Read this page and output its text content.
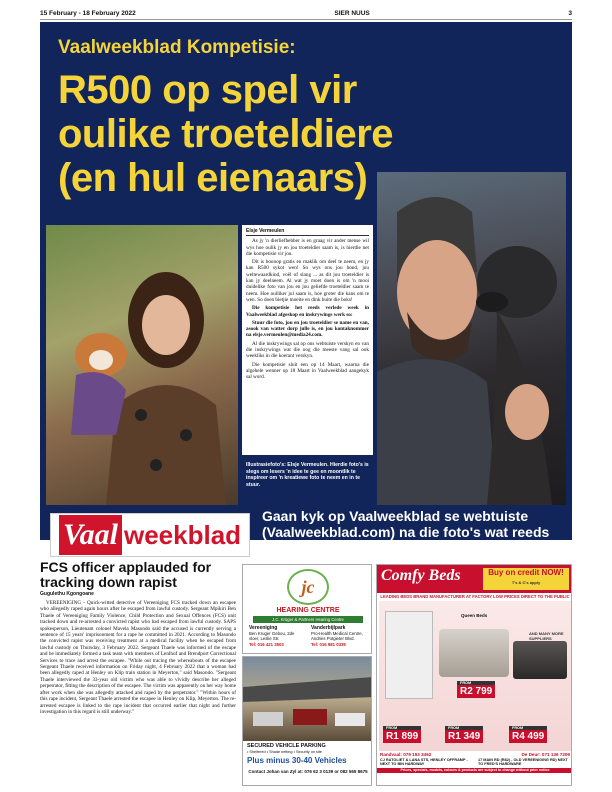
15 February - 18 February 2022	SIER NUUS	3
Vaalweekblad Kompetisie:
R500 op spel vir oulike troeteldiere (en hul eienaars)
Elsje Vermeulen

As jy 'n dierliefhebber is en graag vir ander mense wil wys hoe oulik jy en jou troeteldier saam is, is hierdie net die kompetisie vir jou.

Dit is boonop gratis en maklik om deel te neem, en jy kan R500 sykot wen! So wys ons jou hond, jou weltewaardkind, voël of slang ... as dit jou troeteldier is kan jy deelneem. Al wat jy moet doen is om 'n mooi duidelike foto van jou en jou geliefde troeteldier saam te neem. Hoe oulliker jul saam is, hoe groter die kans om te wen. So doen bietjie moeite en dink buite die boks!

Die kompetisie het reeds verlede week in Vaalweekblad afgeskop en inskrywings werk so:

Stuur die foto, jou en jou troeteldier se name en van, asook van watter dorp julle is, en jou kontaknommer na elsje.vermeulen@media24.com.

Al die inskrywings sal op ons webtuiste verskyn en van die inskrywings wat die oog die meeste vang sal ook weekliks in die koerant verskyn.

Die kompetisie sluit een op 14 Maart, waarna die algehele wenner op 18 Maart in Vaalweekblad aangekyk sal word.

Illustrasiefoto's: Elsje Vermeulen. Hierdie foto's is slegs om lesers 'n idee te gee en moontlik te inspireer om 'n kreatiewe foto te neem en in te stuur.
Vaal weekblad
Gaan kyk op Vaalweekblad se webtuiste (Vaalweekblad.com) na die foto's wat reeds ontvang is - kliek op die 'Pomotions' skakel
FCS officer applauded for tracking down rapist
Gugulethu Kgongoane

VEREENIGING - Quick-witted detective of Vereeniging FCS tracked down an escapee who allegedly raped again hours after he escaped from lawful custody. Sergeant Mpikiri Ben Thaele of Vereeniging Family Violence, Child Protection and Sexual Offences (FCS) unit tracked down and re-arrested a convicted rapist who had escaped from lawful custody. SAPS spokesperson, Lieutenant colonel Mavela Masondo said the accused is currently serving a sentence of 15 years' imprisonment for a rape he committed in 2021. According to Masondo the convicted rapist was receiving treatment at a medical facility when he escaped from lawful custody on Thursday, 3 February 2022. Sergeant Thaele was informed of the escape and he immediately formed a task team with members of Lenlhof and Brendport Correctional Services to trace and arrest the escapee. "While out tracing the whereabouts of the escapee Sergeant Thaele received information on Friday night, 4 February 2022 that a woman had been allegedly raped at Henley on Klip train station in Meyerton," said Masondo. "Sergeant Thaele interviewed the 33-year old victim who was able to vividly describe her alleged perpetrator, fitting the description of the escapee. The victim was apparently on her way home after work when she was allegedly attacked and raped by the perpetrator." "Within hours of this rape incident, Sergeant Thaele arrested the escapee in Henley on Klip, Meyerton. The re-arrested escapee is linked to the rape incident that occurred earlier that night and further investigation in this regard is still underway."

jc
HEARING CENTRE
J.C. Krüger & Partners Hearing Centre
Vereeniging
Ben Kruger Gebou, 2de vloer, Leslie Str.
Tel: 016 421 3503
Vanderbijlpark
Pro-Health Medical Centre, Andries Potgieter Blvd.
Tel: 016 981 0339
SECURED VEHICLE PARKING
• Sheltered • Shade netting • Security on site
Plus minus 30-40 Vehicles
Contact Johan van Zyl at: 076 62 3 0139 or 082 565 8675
Comfy Beds	Buy on credit NOW!
T's & C's apply
LEADING BEDS BRAND MANUFACTURER AT FACTORY LOW PRICES DIRECT TO THE PUBLIC
Queen Beds
AND MANY MORE SUPPLIERS
FROM
R2 799
FROM
R1 899
FROM
R1 349
FROM
R4 499
Randvaal: 079 153 3462	De Deur: 071 136 7209
CJ RATOLIET & LANA STS, HENLEY OFFRAMP - NEXT TO BIN HARDWAY
17 MAIN RD (R82) - OLD VEREENIGING RD) NEXT TO FRED'S HARDWARE
Prices, specials, models, colours & products are subject to change without prior notice
